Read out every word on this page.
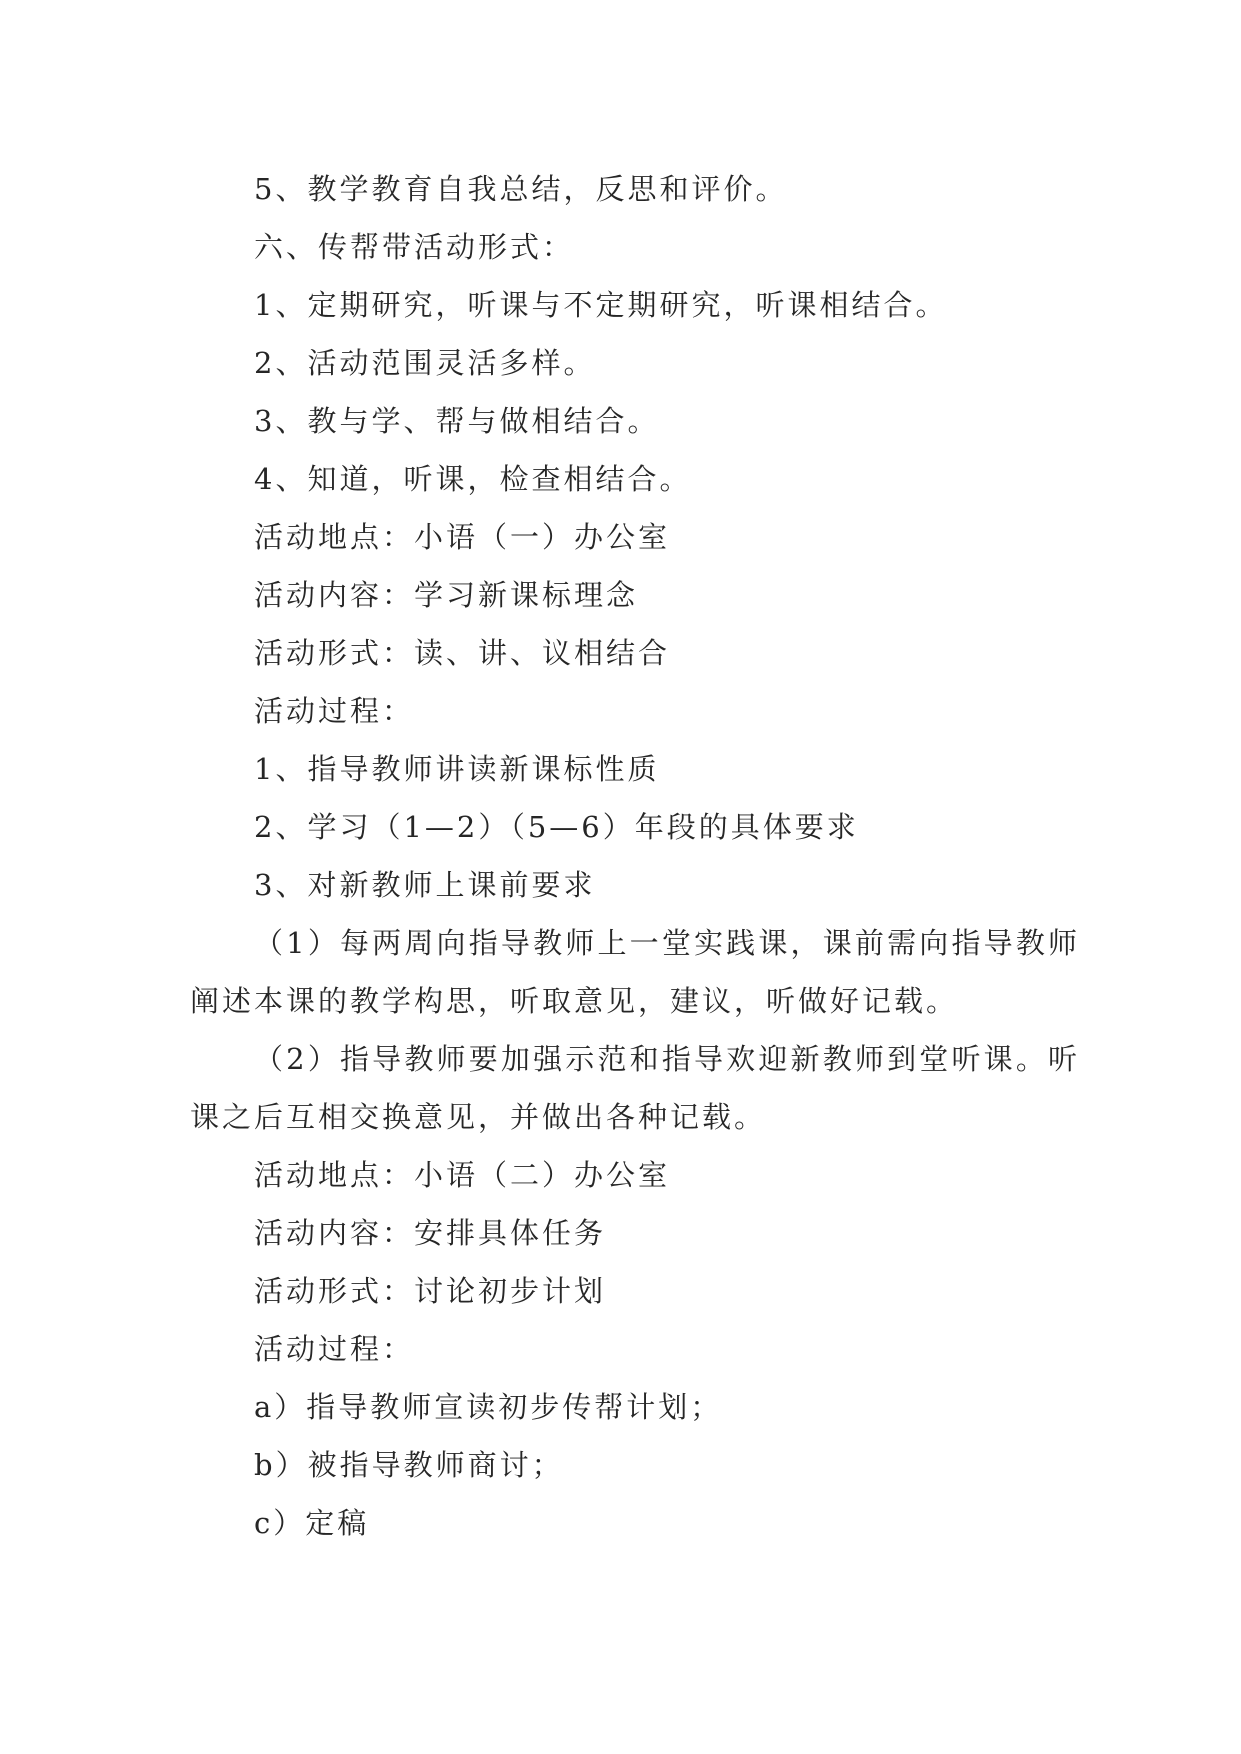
5、教学教育自我总结，反思和评价。

六、传帮带活动形式：

1、定期研究，听课与不定期研究，听课相结合。

2、活动范围灵活多样。

3、教与学、帮与做相结合。

4、知道，听课，检查相结合。

活动地点：小语（一）办公室

活动内容：学习新课标理念

活动形式：读、讲、议相结合

活动过程：

1、指导教师讲读新课标性质

2、学习（1—2）（5—6）年段的具体要求

3、对新教师上课前要求

（1）每两周向指导教师上一堂实践课，课前需向指导教师阐述本课的教学构思，听取意见，建议，听做好记载。

（2）指导教师要加强示范和指导欢迎新教师到堂听课。听课之后互相交换意见，并做出各种记载。

活动地点：小语（二）办公室

活动内容：安排具体任务

活动形式：讨论初步计划

活动过程：

a）指导教师宣读初步传帮计划；

b）被指导教师商讨；

c）定稿
